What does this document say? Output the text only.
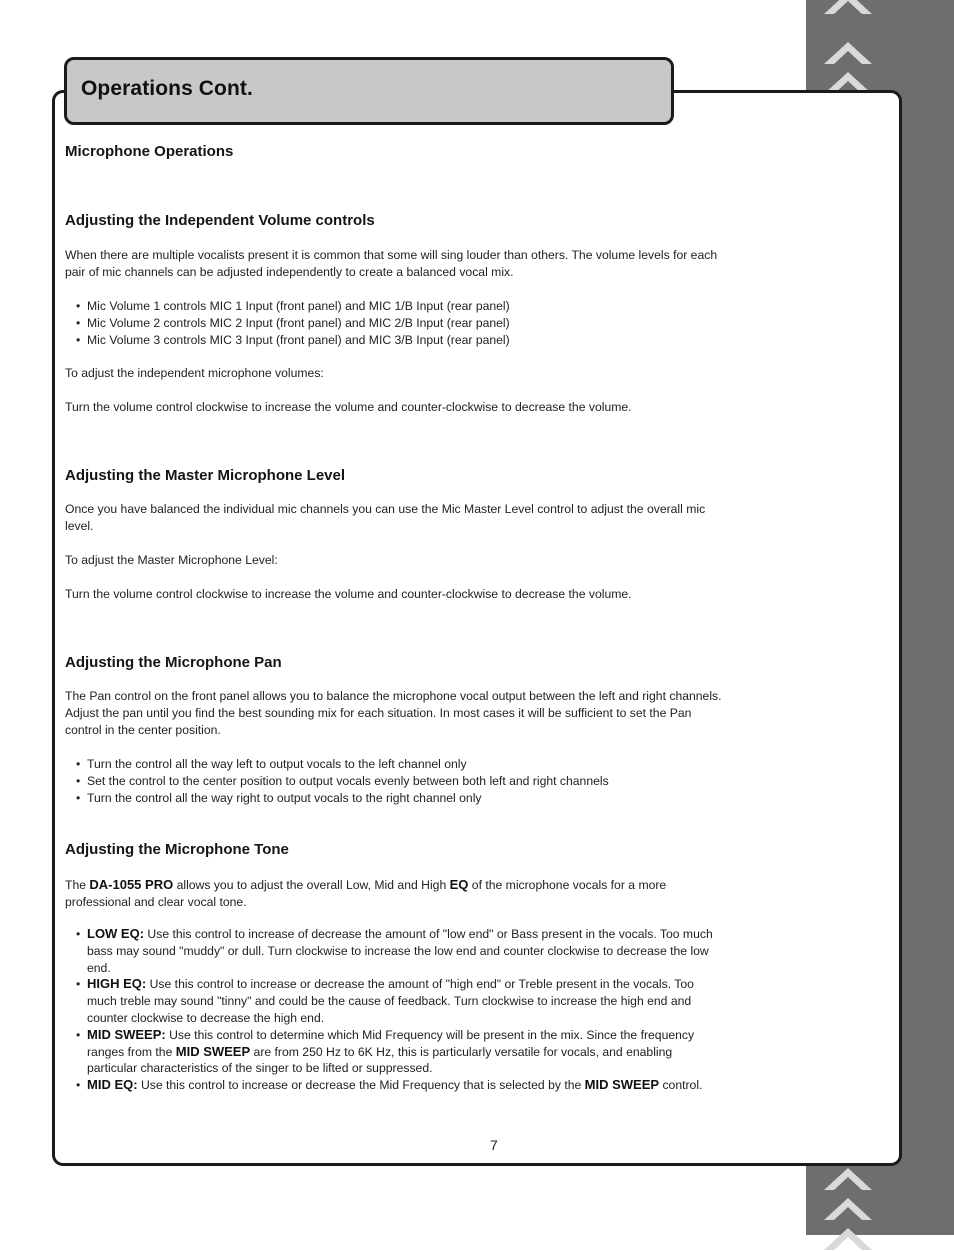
Operations Cont.
Microphone Operations
Adjusting the Independent Volume controls

When there are multiple vocalists present it is common that some will sing louder than others. The volume levels for each pair of mic channels can be adjusted independently to create a balanced vocal mix.

• Mic Volume 1 controls MIC 1 Input (front panel) and MIC 1/B Input (rear panel)
• Mic Volume 2 controls MIC 2 Input (front panel) and MIC 2/B Input (rear panel)
• Mic Volume 3 controls MIC 3 Input (front panel) and MIC 3/B Input (rear panel)

To adjust the independent microphone volumes:

Turn the volume control clockwise to increase the volume and counter-clockwise to decrease the volume.

Adjusting the Master Microphone Level

Once you have balanced the individual mic channels you can use the Mic Master Level control to adjust the overall mic level.

To adjust the Master Microphone Level:

Turn the volume control clockwise to increase the volume and counter-clockwise to decrease the volume.

Adjusting the Microphone Pan

The Pan control on the front panel allows you to balance the microphone vocal output between the left and right channels. Adjust the pan until you find the best sounding mix for each situation. In most cases it will be sufficient to set the Pan control in the center position.

• Turn the control all the way left to output vocals to the left channel only
• Set the control to the center position to output vocals evenly between both left and right channels
• Turn the control all the way right to output vocals to the right channel only
Adjusting the Microphone Tone

The DA-1055 PRO allows you to adjust the overall Low, Mid and High EQ of the microphone vocals for a more professional and clear vocal tone.

• LOW EQ: Use this control to increase of decrease the amount of "low end" or Bass present in the vocals. Too much bass may sound "muddy" or dull. Turn clockwise to increase the low end and counter clockwise to decrease the low end.
• HIGH EQ: Use this control to increase or decrease the amount of "high end" or Treble present in the vocals. Too much treble may sound "tinny" and could be the cause of feedback. Turn clockwise to increase the high end and counter clockwise to decrease the high end.
• MID SWEEP: Use this control to determine which Mid Frequency will be present in the mix. Since the frequency ranges from the MID SWEEP are from 250 Hz to 6K Hz, this is particularly versatile for vocals, and enabling particular characteristics of the singer to be lifted or suppressed.
• MID EQ: Use this control to increase or decrease the Mid Frequency that is selected by the MID SWEEP control.
7
